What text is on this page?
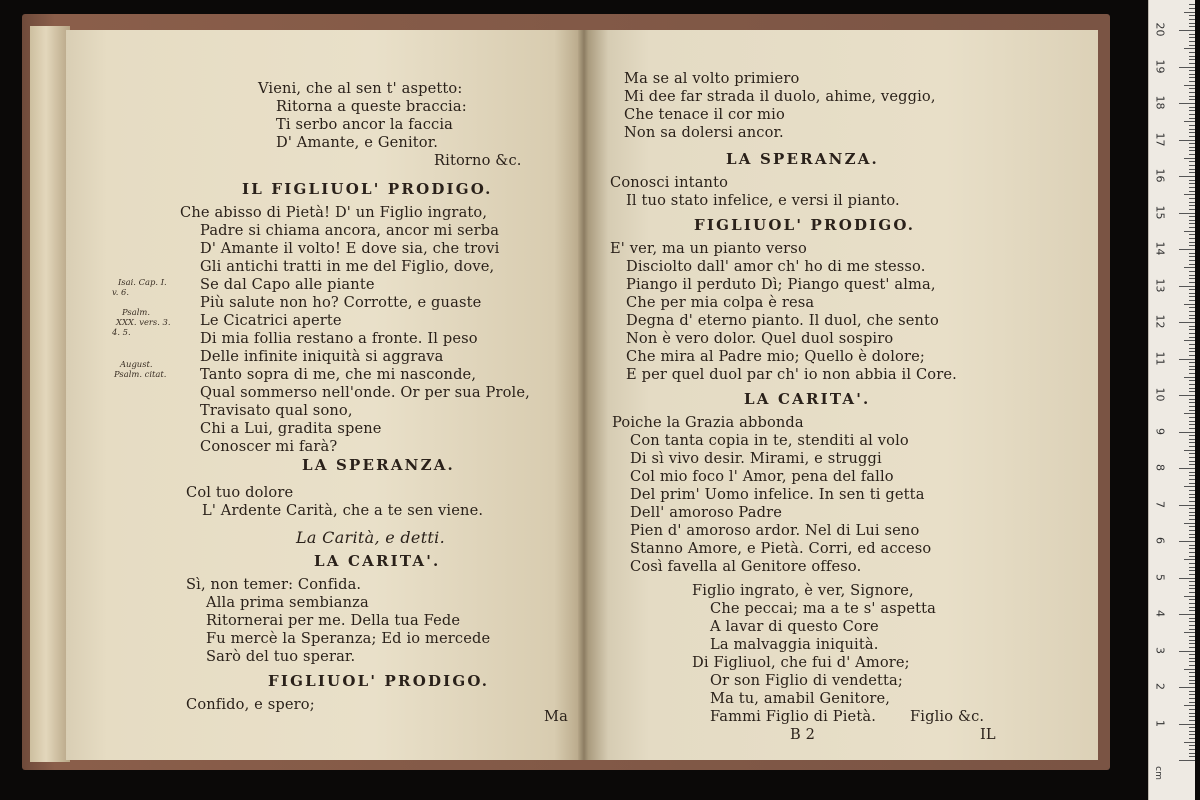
Vieni, che al sen t' aspetto:
Ritorna a queste braccia:
Ti serbo ancor la faccia
D' Amante, e Genitor.
Ritorno &c.
IL FIGLIUOL' PRODIGO.
Che abisso di Pietà! D' un Figlio ingrato,
Padre si chiama ancora, ancor mi serba
D' Amante il volto! E dove sia, che trovi
Gli antichi tratti in me del Figlio, dove,
Se dal Capo alle piante
Più salute non ho? Corrotte, e guaste
Le Cicatrici aperte
Di mia follia restano a fronte. Il peso
Delle infinite iniquità si aggrava
Tanto sopra di me, che mi nasconde,
Qual sommerso nell'onde. Or per sua Prole,
Travisato qual sono,
Chi a Lui, gradita spene
Conoscer mi farà?
LA SPERANZA.
Col tuo dolore
L' Ardente Carità, che a te sen viene.
La Carità, e detti.
LA CARITA'.
Sì, non temer: Confida.
Alla prima sembianza
Ritornerai per me. Della tua Fede
Fu mercè la Speranza; Ed io mercede
Sarò del tuo sperar.
FIGLIUOL' PRODIGO.
Confido, e spero;
Ma
Isai. Cap. I.
v. 6.
Psalm.
XXX. vers. 3.
4. 5.
August.
Psalm. citat.
Ma se al volto primiero
Mi dee far strada il duolo, ahime, veggio,
Che tenace il cor mio
Non sa dolersi ancor.
LA SPERANZA.
Conosci intanto
Il tuo stato infelice, e versi il pianto.
FIGLIUOL' PRODIGO.
E' ver, ma un pianto verso
Disciolto dall' amor ch' ho di me stesso.
Piango il perduto Dì; Piango quest' alma,
Che per mia colpa è resa
Degna d' eterno pianto. Il duol, che sento
Non è vero dolor. Quel duol sospiro
Che mira al Padre mio; Quello è dolore;
E per quel duol par ch' io non abbia il Core.
LA CARITA'.
Poiche la Grazia abbonda
Con tanta copia in te, stenditi al volo
Di sì vivo desir. Mirami, e struggi
Col mio foco l' Amor, pena del fallo
Del prim' Uomo infelice. In sen ti getta
Dell' amoroso Padre
Pien d' amoroso ardor. Nel di Lui seno
Stanno Amore, e Pietà. Corri, ed acceso
Così favella al Genitore offeso.
Figlio ingrato, è ver, Signore,
Che peccai; ma a te s' aspetta
A lavar di questo Core
La malvaggia iniquità.
Di Figliuol, che fui d' Amore;
Or son Figlio di vendetta;
Ma tu, amabil Genitore,
Fammi Figlio di Pietà. Figlio &c.
B 2	IL
cm
1
2
3
4
5
6
7
8
9
10
11
12
13
14
15
16
17
18
19
20
